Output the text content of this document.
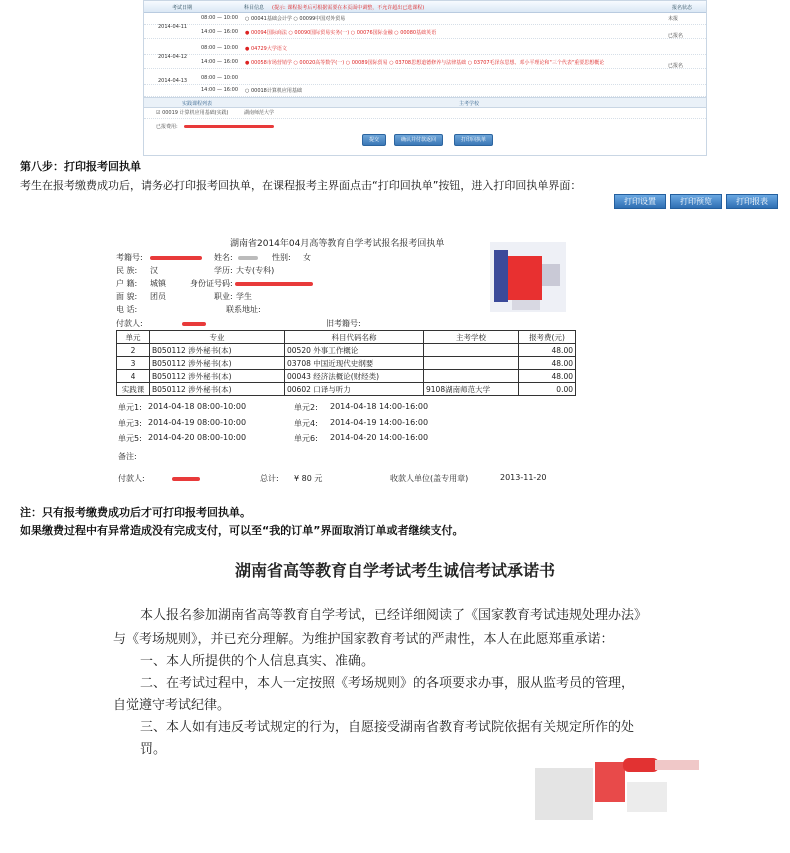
考试日期	科目信息 (提示: 课程报考后可根据需要在本页面中调整，不允许超出已选课程)	报名状态
2014-04-11
08:00 — 10:00 ○ 00041基础会计学 ○ 00099中国对外贸易	未报
14:00 — 16:00 ● 00094国际商法 ○ 00090国际贸易实务(一) ○ 00076国际金融 ○ 00080基础英语	已报名
2014-04-12
08:00 — 10:00 ● 04729大学语文
14:00 — 16:00 ● 00058市场营销学 ○ 00020高等数学(一) ○ 00089国际贸易 ○ 03708思想道德修养与法律基础 ○ 03707毛泽东思想、邓小平理论和"三个代表"重要思想概论	已报名
2014-04-13	08:00 — 10:00
14:00 — 16:00 ○ 00018计算机应用基础
实践课程列表	主考学校
☑ 00019 计算机应用基础(实践)	湖南师范大学
已报费用:
提交	确认并付款返回	打印回执单
第八步：打印报考回执单
考生在报考缴费成功后，请务必打印报考回执单，在课程报考主界面点击“打印回执单”按钮，进入打印回执单界面：
打印设置	打印预览	打印报表
湖南省2014年04月高等教育自学考试报名报考回执单
考籍号:	姓名:	性别: 女
民 族: 汉	学历: 大专(专科)
户 籍: 城镇	身份证号码:
面 貌: 团员	职业: 学生
电 话:	联系地址:
付款人:	旧考籍号:
单元	专业	科目代码名称	主考学校	报考费(元)
2	B050112 涉外秘书(本)	00520 外事工作概论		48.00
3	B050112 涉外秘书(本)	03708 中国近现代史纲要		48.00
4	B050112 涉外秘书(本)	00043 经济法概论(财经类)		48.00
实践课	B050112 涉外秘书(本)	00602 口译与听力	9108湖南师范大学	0.00
单元1: 2014-04-18 08:00-10:00	单元2: 2014-04-18 14:00-16:00
单元3: 2014-04-19 08:00-10:00	单元4: 2014-04-19 14:00-16:00
单元5: 2014-04-20 08:00-10:00	单元6: 2014-04-20 14:00-16:00
备注:
付款人:	总计: ¥ 80 元	收款人单位(盖专用章)	2013-11-20
注：只有报考缴费成功后才可打印报考回执单。
如果缴费过程中有异常造成没有完成支付，可以至“我的订单”界面取消订单或者继续支付。
湖南省高等教育自学考试考生诚信考试承诺书
本人报名参加湖南省高等教育自学考试，已经详细阅读了《国家教育考试违规处理办法》
与《考场规则》，并已充分理解。为维护国家教育考试的严肃性，本人在此愿郑重承诺：
一、本人所提供的个人信息真实、准确。
二、在考试过程中，本人一定按照《考场规则》的各项要求办事，服从监考员的管理，
自觉遵守考试纪律。
三、本人如有违反考试规定的行为，自愿接受湖南省教育考试院依据有关规定所作的处
罚。
